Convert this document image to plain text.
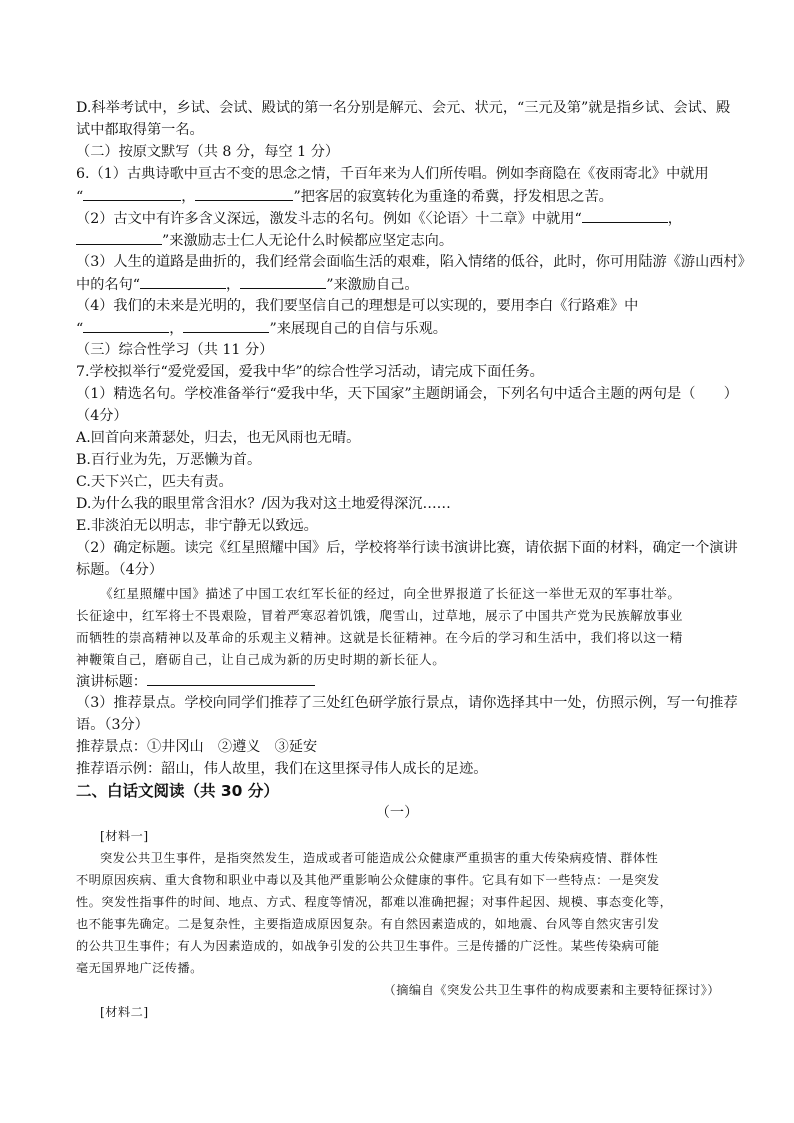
D.科举考试中，乡试、会试、殿试的第一名分别是解元、会元、状元，“三元及第”就是指乡试、会试、殿
试中都取得第一名。
（二）按原文默写（共 8 分，每空 1 分）
6.（1）古典诗歌中亘古不变的思念之情，千百年来为人们所传唱。例如李商隐在《夜雨寄北》中就用
“	，	”把客居的寂寞转化为重逢的希冀，抒发相思之苦。
（2）古文中有许多含义深远，激发斗志的名句。例如《〈论语〉十二章》中就用“	，
”来激励志士仁人无论什么时候都应坚定志向。
（3）人生的道路是曲折的，我们经常会面临生活的艰难，陷入情绪的低谷，此时，你可用陆游《游山西村》
中的名句“	，	”来激励自己。
（4）我们的未来是光明的，我们要坚信自己的理想是可以实现的，要用李白《行路难》中
“	，	”来展现自己的自信与乐观。
（三）综合性学习（共 11 分）
7.学校拟举行“爱党爱国，爱我中华”的综合性学习活动，请完成下面任务。
（1）精选名句。学校准备举行“爱我中华，天下国家”主题朗诵会，下列名句中适合主题的两句是（　　）
（4分）
A.回首向来萧瑟处，归去，也无风雨也无晴。
B.百行业为先，万恶懒为首。
C.天下兴亡，匹夫有责。
D.为什么我的眼里常含泪水？/因为我对这土地爱得深沉……
E.非淡泊无以明志，非宁静无以致远。
（2）确定标题。读完《红星照耀中国》后，学校将举行读书演讲比赛，请依据下面的材料，确定一个演讲
标题。（4分）
《红星照耀中国》描述了中国工农红军长征的经过，向全世界报道了长征这一举世无双的军事壮举。
长征途中，红军将士不畏艰险，冒着严寒忍着饥饿，爬雪山，过草地，展示了中国共产党为民族解放事业
而牺牲的崇高精神以及革命的乐观主义精神。这就是长征精神。在今后的学习和生活中，我们将以这一精
神鞭策自己，磨砺自己，让自己成为新的历史时期的新长征人。
演讲标题：
（3）推荐景点。学校向同学们推荐了三处红色研学旅行景点，请你选择其中一处，仿照示例，写一句推荐
语。（3分）
推荐景点：①井冈山　②遵义　③延安
推荐语示例：韶山，伟人故里，我们在这里探寻伟人成长的足迹。
二、白话文阅读（共 30 分）
（一）
[材料一]
突发公共卫生事件，是指突然发生，造成或者可能造成公众健康严重损害的重大传染病疫情、群体性
不明原因疾病、重大食物和职业中毒以及其他严重影响公众健康的事件。它具有如下一些特点：一是突发
性。突发性指事件的时间、地点、方式、程度等情况，都难以准确把握；对事件起因、规模、事态变化等，
也不能事先确定。二是复杂性，主要指造成原因复杂。有自然因素造成的，如地震、台风等自然灾害引发
的公共卫生事件；有人为因素造成的，如战争引发的公共卫生事件。三是传播的广泛性。某些传染病可能
毫无国界地广泛传播。
（摘编自《突发公共卫生事件的构成要素和主要特征探讨》）
[材料二]
